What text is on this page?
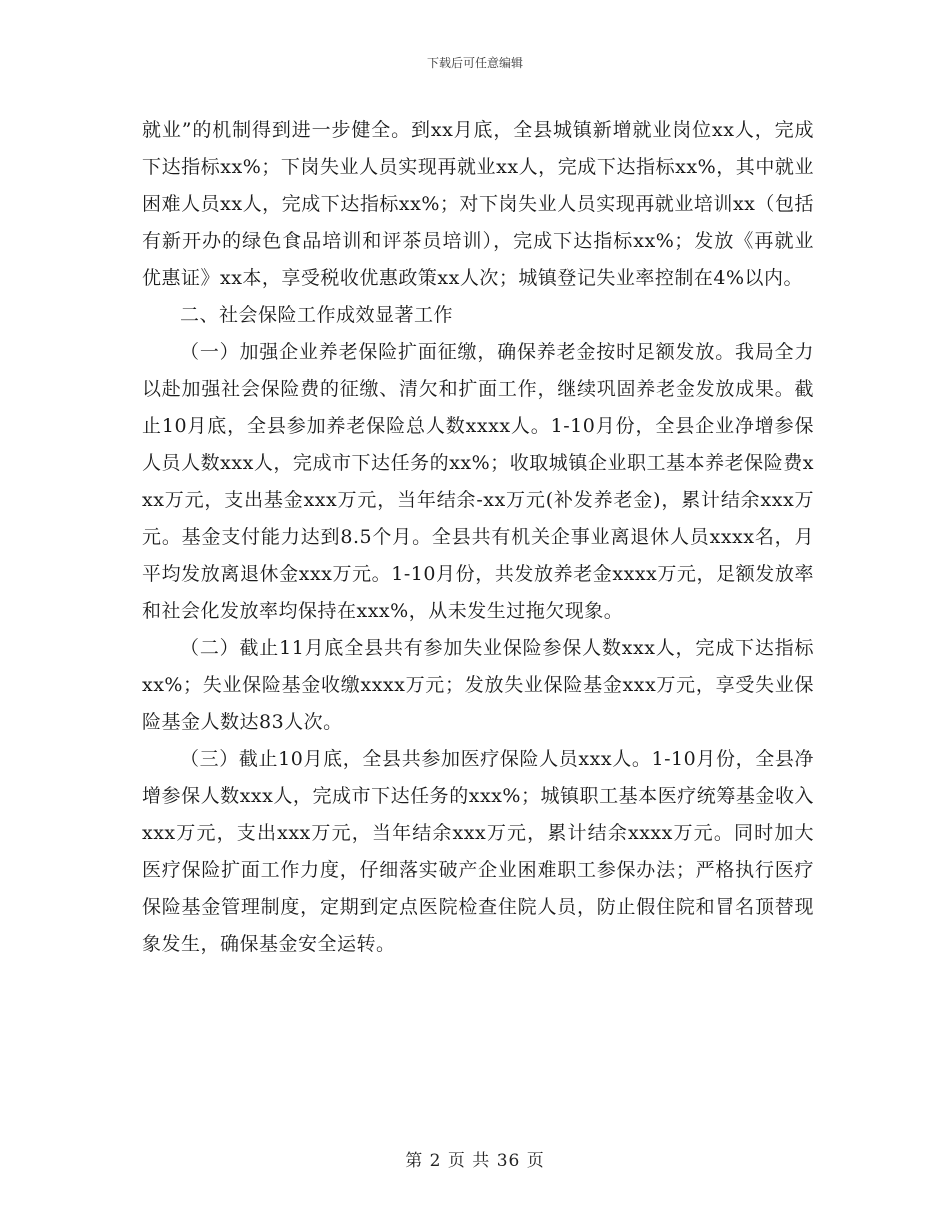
下载后可任意编辑

就业”的机制得到进一步健全。到xx月底，全县城镇新增就业岗位xx人，完成下达指标xx%；下岗失业人员实现再就业xx人，完成下达指标xx%，其中就业困难人员xx人，完成下达指标xx%；对下岗失业人员实现再就业培训xx（包括有新开办的绿色食品培训和评茶员培训），完成下达指标xx%；发放《再就业优惠证》xx本，享受税收优惠政策xx人次；城镇登记失业率控制在4%以内。

二、社会保险工作成效显著工作

（一）加强企业养老保险扩面征缴，确保养老金按时足额发放。我局全力以赴加强社会保险费的征缴、清欠和扩面工作，继续巩固养老金发放成果。截止10月底，全县参加养老保险总人数xxxx人。1-10月份，全县企业净增参保人员人数xxx人，完成市下达任务的xx%；收取城镇企业职工基本养老保险费xxx万元，支出基金xxx万元，当年结余-xx万元(补发养老金)，累计结余xxx万元。基金支付能力达到8.5个月。全县共有机关企事业离退休人员xxxx名，月平均发放离退休金xxx万元。1-10月份，共发放养老金xxxx万元，足额发放率和社会化发放率均保持在xxx%，从未发生过拖欠现象。

（二）截止11月底全县共有参加失业保险参保人数xxx人，完成下达指标xx%；失业保险基金收缴xxxx万元；发放失业保险基金xxx万元，享受失业保险基金人数达83人次。

（三）截止10月底，全县共参加医疗保险人员xxx人。1-10月份，全县净增参保人数xxx人，完成市下达任务的xxx%；城镇职工基本医疗统筹基金收入xxx万元，支出xxx万元，当年结余xxx万元，累计结余xxxx万元。同时加大医疗保险扩面工作力度，仔细落实破产企业困难职工参保办法；严格执行医疗保险基金管理制度，定期到定点医院检查住院人员，防止假住院和冒名顶替现象发生，确保基金安全运转。

第 2 页 共 36 页
